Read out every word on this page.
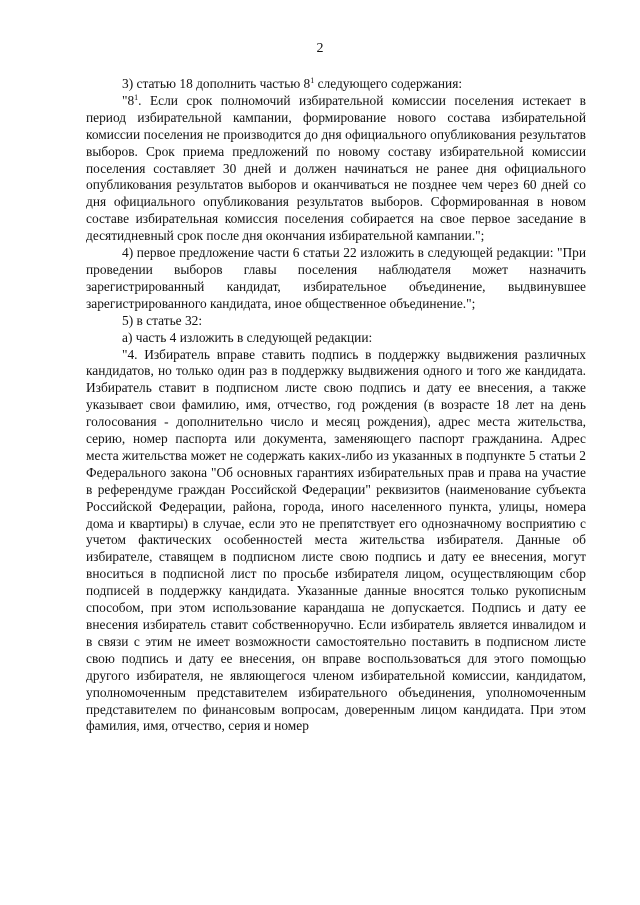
2

3) статью 18 дополнить частью $8^1$ следующего содержания:

"$8^1$. Если срок полномочий избирательной комиссии поселения истекает в период избирательной кампании, формирование нового состава избирательной комиссии поселения не производится до дня официального опубликования результатов выборов. Срок приема предложений по новому составу избирательной комиссии поселения составляет 30 дней и должен начинаться не ранее дня официального опубликования результатов выборов и оканчиваться не позднее чем через 60 дней со дня официального опубликования результатов выборов. Сформированная в новом составе избирательная комиссия поселения собирается на свое первое заседание в десятидневный срок после дня окончания избирательной кампании.";

4) первое предложение части 6 статьи 22 изложить в следующей редакции: "При проведении выборов главы поселения наблюдателя может назначить зарегистрированный кандидат, избирательное объединение, выдвинувшее зарегистрированного кандидата, иное общественное объединение.";

5) в статье 32:

а) часть 4 изложить в следующей редакции:

"4. Избиратель вправе ставить подпись в поддержку выдвижения различных кандидатов, но только один раз в поддержку выдвижения одного и того же кандидата. Избиратель ставит в подписном листе свою подпись и дату ее внесения, а также указывает свои фамилию, имя, отчество, год рождения (в возрасте 18 лет на день голосования - дополнительно число и месяц рождения), адрес места жительства, серию, номер паспорта или документа, заменяющего паспорт гражданина. Адрес места жительства может не содержать каких-либо из указанных в подпункте 5 статьи 2 Федерального закона "Об основных гарантиях избирательных прав и права на участие в референдуме граждан Российской Федерации" реквизитов (наименование субъекта Российской Федерации, района, города, иного населенного пункта, улицы, номера дома и квартиры) в случае, если это не препятствует его однозначному восприятию с учетом фактических особенностей места жительства избирателя. Данные об избирателе, ставящем в подписном листе свою подпись и дату ее внесения, могут вноситься в подписной лист по просьбе избирателя лицом, осуществляющим сбор подписей в поддержку кандидата. Указанные данные вносятся только рукописным способом, при этом использование карандаша не допускается. Подпись и дату ее внесения избиратель ставит собственноручно. Если избиратель является инвалидом и в связи с этим не имеет возможности самостоятельно поставить в подписном листе свою подпись и дату ее внесения, он вправе воспользоваться для этого помощью другого избирателя, не являющегося членом избирательной комиссии, кандидатом, уполномоченным представителем избирательного объединения, уполномоченным представителем по финансовым вопросам, доверенным лицом кандидата. При этом фамилия, имя, отчество, серия и номер
